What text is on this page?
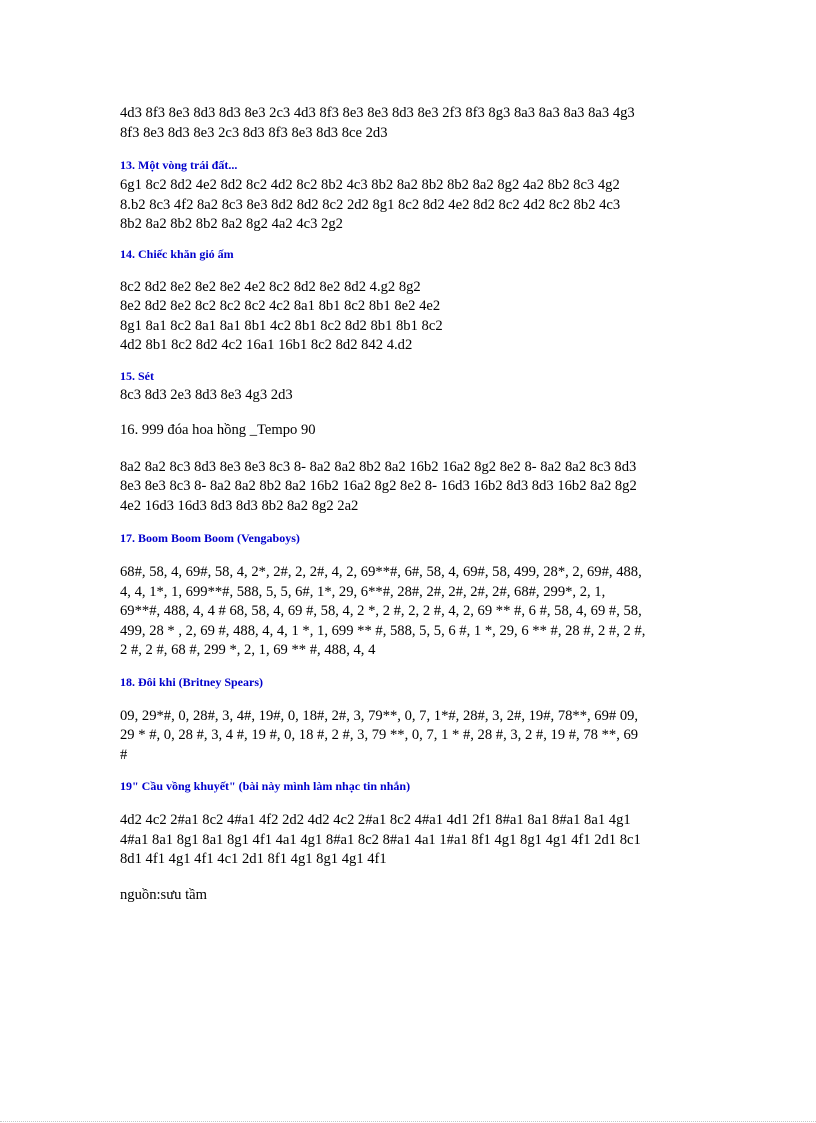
4d3 8f3 8e3 8d3 8d3 8e3 2c3 4d3 8f3 8e3 8e3 8d3 8e3 2f3 8f3 8g3 8a3 8a3 8a3 8a3 4g3
8f3 8e3 8d3 8e3 2c3 8d3 8f3 8e3 8d3 8ce 2d3
13. Một vòng trái đất...
6g1 8c2 8d2 4e2 8d2 8c2 4d2 8c2 8b2 4c3 8b2 8a2 8b2 8b2 8a2 8g2 4a2 8b2 8c3 4g2
8.b2 8c3 4f2 8a2 8c3 8e3 8d2 8d2 8c2 2d2 8g1 8c2 8d2 4e2 8d2 8c2 4d2 8c2 8b2 4c3
8b2 8a2 8b2 8b2 8a2 8g2 4a2 4c3 2g2
14. Chiếc khăn gió ấm
8c2 8d2 8e2 8e2 8e2 4e2 8c2 8d2 8e2 8d2 4.g2 8g2
8e2 8d2 8e2 8c2 8c2 8c2 4c2 8a1 8b1 8c2 8b1 8e2 4e2
8g1 8a1 8c2 8a1 8a1 8b1 4c2 8b1 8c2 8d2 8b1 8b1 8c2
4d2 8b1 8c2 8d2 4c2 16a1 16b1 8c2 8d2 842 4.d2
15. Sét
8c3 8d3 2e3 8d3 8e3 4g3 2d3
16. 999 đóa hoa hồng _Tempo 90
8a2 8a2 8c3 8d3 8e3 8e3 8c3 8- 8a2 8a2 8b2 8a2 16b2 16a2 8g2 8e2 8- 8a2 8a2 8c3 8d3
8e3 8e3 8c3 8- 8a2 8a2 8b2 8a2 16b2 16a2 8g2 8e2 8- 16d3 16b2 8d3 8d3 16b2 8a2 8g2
4e2 16d3 16d3 8d3 8d3 8b2 8a2 8g2 2a2
17. Boom Boom Boom (Vengaboys)
68#, 58, 4, 69#, 58, 4, 2*, 2#, 2, 2#, 4, 2, 69**#, 6#, 58, 4, 69#, 58, 499, 28*, 2, 69#, 488,
4, 4, 1*, 1, 699**#, 588, 5, 5, 6#, 1*, 29, 6**#, 28#, 2#, 2#, 2#, 2#, 68#, 299*, 2, 1,
69**#, 488, 4, 4 # 68, 58, 4, 69 #, 58, 4, 2 *, 2 #, 2, 2 #, 4, 2, 69 ** #, 6 #, 58, 4, 69 #, 58,
499, 28 * , 2, 69 #, 488, 4, 4, 1 *, 1, 699 ** #, 588, 5, 5, 6 #, 1 *, 29, 6 ** #, 28 #, 2 #, 2 #,
2 #, 2 #, 68 #, 299 *, 2, 1, 69 ** #, 488, 4, 4
18. Đôi khi (Britney Spears)
09, 29*#, 0, 28#, 3, 4#, 19#, 0, 18#, 2#, 3, 79**, 0, 7, 1*#, 28#, 3, 2#, 19#, 78**, 69# 09,
29 * #, 0, 28 #, 3, 4 #, 19 #, 0, 18 #, 2 #, 3, 79 **, 0, 7, 1 * #, 28 #, 3, 2 #, 19 #, 78 **, 69
#
19" Cầu vồng khuyết" (bài này mình làm nhạc tin nhắn)
4d2 4c2 2#a1 8c2 4#a1 4f2 2d2 4d2 4c2 2#a1 8c2 4#a1 4d1 2f1 8#a1 8a1 8#a1 8a1 4g1
4#a1 8a1 8g1 8a1 8g1 4f1 4a1 4g1 8#a1 8c2 8#a1 4a1 1#a1 8f1 4g1 8g1 4g1 4f1 2d1 8c1
8d1 4f1 4g1 4f1 4c1 2d1 8f1 4g1 8g1 4g1 4f1
nguồn:sưu tầm
